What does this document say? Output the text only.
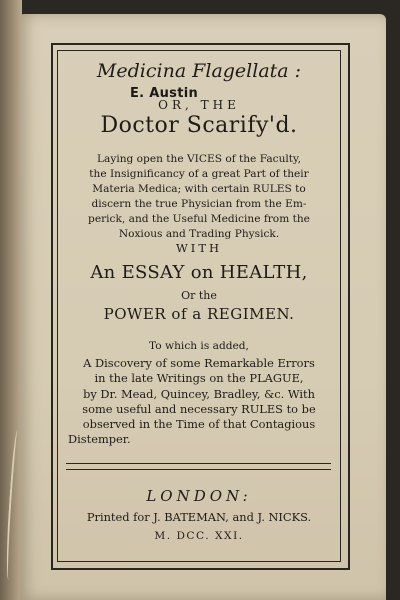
Medicina Flagellata :
E. Austin
OR, THE
Doctor Scarify'd.
Laying open the VICES of the Faculty,
the Insignificancy of a great Part of their
Materia Medica; with certain RULES to
discern the true Physician from the Em-
perick, and the Useful Medicine from the
Noxious and Trading Physick.
WITH
An ESSAY on HEALTH,
Or the
POWER of a REGIMEN.
To which is added,
A Discovery of some Remarkable Errors
in the late Writings on the PLAGUE,
by Dr. Mead, Quincey, Bradley, &c. With
some useful and necessary RULES to be
observed in the Time of that Contagious
Distemper.
LONDON:
Printed for J. BATEMAN, and J. NICKS.
M. DCC. XXI.
